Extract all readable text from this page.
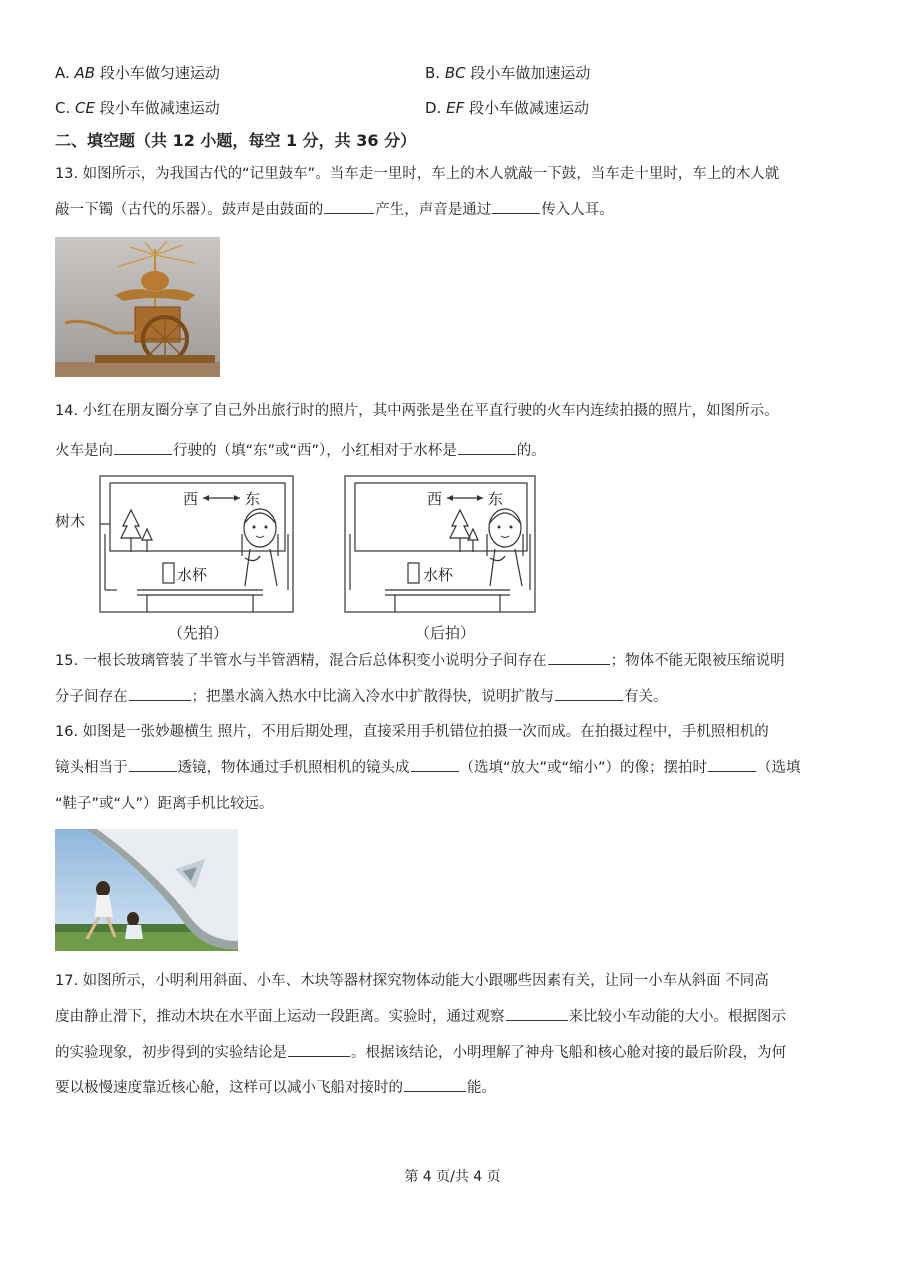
A. AB 段小车做匀速运动	B. BC 段小车做加速运动
C. CE 段小车做减速运动	D. EF 段小车做减速运动
二、填空题（共 12 小题，每空 1 分，共 36 分）
13. 如图所示，为我国古代的“记里鼓车”。当车走一里时，车上的木人就敲一下鼓，当车走十里时，车上的木人就
敲一下镯（古代的乐器）。鼓声是由鼓面的	产生，声音是通过	传入人耳。
14. 小红在朋友圈分享了自己外出旅行时的照片，其中两张是坐在平直行驶的火车内连续拍摄的照片，如图所示。
火车是向	行驶的（填“东”或“西”），小红相对于水杯是	的。
西	东
水杯
树木
西	东
水杯
（先拍）	（后拍）
15. 一根长玻璃管装了半管水与半管酒精，混合后总体积变小说明分子间存在	；物体不能无限被压缩说明
分子间存在	；把墨水滴入热水中比滴入冷水中扩散得快，说明扩散与	有关。
16. 如图是一张妙趣横生 照片，不用后期处理，直接采用手机错位拍摄一次而成。在拍摄过程中，手机照相机的
镜头相当于	透镜，物体通过手机照相机的镜头成	（选填“放大”或“缩小”）的像；摆拍时	（选填
“鞋子”或“人”）距离手机比较远。
17. 如图所示，小明利用斜面、小车、木块等器材探究物体动能大小跟哪些因素有关，让同一小车从斜面 不同高
度由静止滑下，推动木块在水平面上运动一段距离。实验时，通过观察	来比较小车动能的大小。根据图示
的实验现象，初步得到的实验结论是	。根据该结论，小明理解了神舟飞船和核心舱对接的最后阶段，为何
要以极慢速度靠近核心舱，这样可以减小飞船对接时的	能。
第 4 页/共 4 页
